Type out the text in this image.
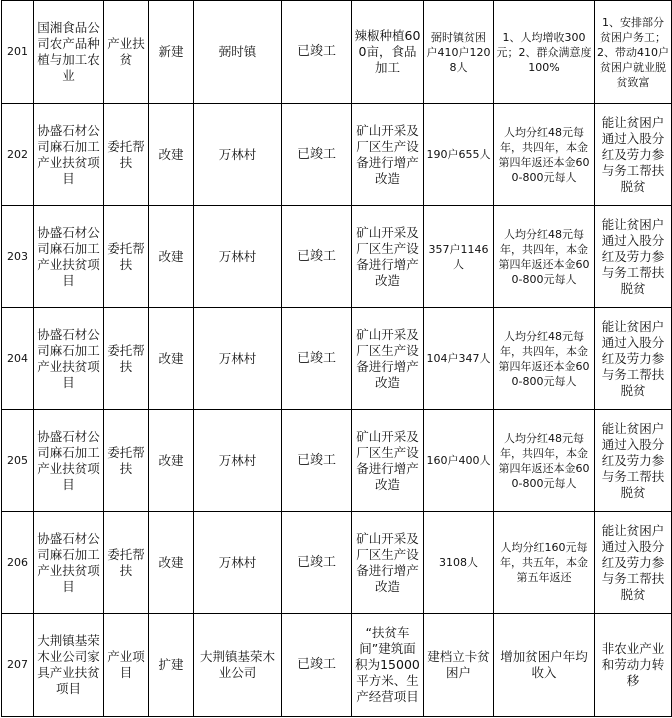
201	国湘食品公司农产品种植与加工农业	产业扶贫	新建	弼时镇	已竣工	辣椒种植600亩，食品加工	弼时镇贫困户410户1208人	1、人均增收300元；2、群众满意度100%	1、安排部分贫困户务工；2、带动410户贫困户就业脱贫致富
202	协盛石材公司麻石加工产业扶贫项目	委托帮扶	改建	万林村	已竣工	矿山开采及厂区生产设备进行增产改造	190户655人	人均分红48元每年，共四年，本金第四年返还本金600-800元每人	能让贫困户通过入股分红及劳力参与务工帮扶脱贫
203	协盛石材公司麻石加工产业扶贫项目	委托帮扶	改建	万林村	已竣工	矿山开采及厂区生产设备进行增产改造	357户1146人	人均分红48元每年，共四年，本金第四年返还本金600-800元每人	能让贫困户通过入股分红及劳力参与务工帮扶脱贫
204	协盛石材公司麻石加工产业扶贫项目	委托帮扶	改建	万林村	已竣工	矿山开采及厂区生产设备进行增产改造	104户347人	人均分红48元每年，共四年，本金第四年返还本金600-800元每人	能让贫困户通过入股分红及劳力参与务工帮扶脱贫
205	协盛石材公司麻石加工产业扶贫项目	委托帮扶	改建	万林村	已竣工	矿山开采及厂区生产设备进行增产改造	160户400人	人均分红48元每年，共四年，本金第四年返还本金600-800元每人	能让贫困户通过入股分红及劳力参与务工帮扶脱贫
206	协盛石材公司麻石加工产业扶贫项目	委托帮扶	改建	万林村	已竣工	矿山开采及厂区生产设备进行增产改造	3108人	人均分红160元每年，共五年，本金第五年返还	能让贫困户通过入股分红及劳力参与务工帮扶脱贫
207	大荆镇基荣木业公司家具产业扶贫项目	产业项目	扩建	大荆镇基荣木业公司	已竣工	“扶贫车间”建筑面积为15000平方米、生产经营项目	建档立卡贫困户	增加贫困户年均收入	非农业产业和劳动力转移
